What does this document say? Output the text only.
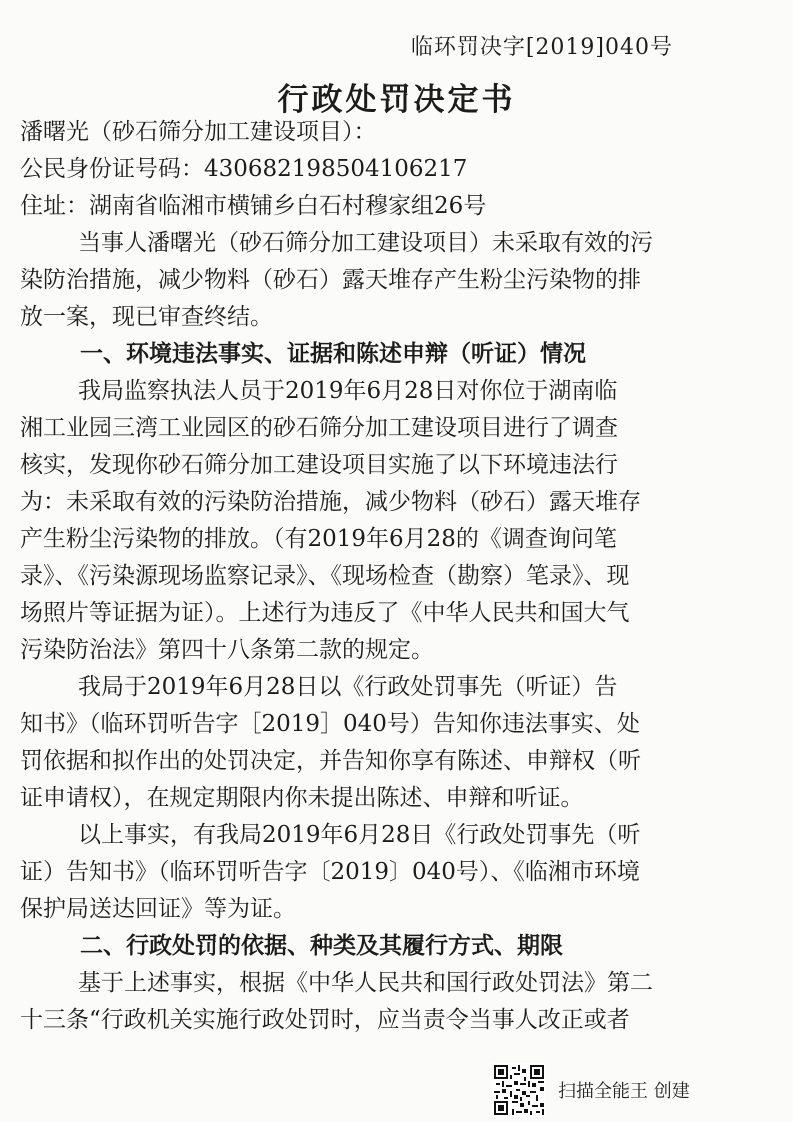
临环罚决字[2019]040号
行政处罚决定书
潘曙光（砂石筛分加工建设项目）：
公民身份证号码：430682198504106217
住址：湖南省临湘市横铺乡白石村穆家组26号
当事人潘曙光（砂石筛分加工建设项目）未采取有效的污
染防治措施，减少物料（砂石）露天堆存产生粉尘污染物的排
放一案，现已审查终结。
一、环境违法事实、证据和陈述申辩（听证）情况
我局监察执法人员于2019年6月28日对你位于湖南临
湘工业园三湾工业园区的砂石筛分加工建设项目进行了调查
核实，发现你砂石筛分加工建设项目实施了以下环境违法行
为：未采取有效的污染防治措施，减少物料（砂石）露天堆存
产生粉尘污染物的排放。（有2019年6月28的《调查询问笔
录》、《污染源现场监察记录》、《现场检查（勘察）笔录》、现
场照片等证据为证）。上述行为违反了《中华人民共和国大气
污染防治法》第四十八条第二款的规定。
我局于2019年6月28日以《行政处罚事先（听证）告
知书》（临环罚听告字［2019］040号）告知你违法事实、处
罚依据和拟作出的处罚决定，并告知你享有陈述、申辩权（听
证申请权），在规定期限内你未提出陈述、申辩和听证。
以上事实，有我局2019年6月28日《行政处罚事先（听
证）告知书》（临环罚听告字〔2019〕040号）、《临湘市环境
保护局送达回证》等为证。
二、行政处罚的依据、种类及其履行方式、期限
基于上述事实，根据《中华人民共和国行政处罚法》第二
十三条“行政机关实施行政处罚时，应当责令当事人改正或者
扫描全能王 创建
